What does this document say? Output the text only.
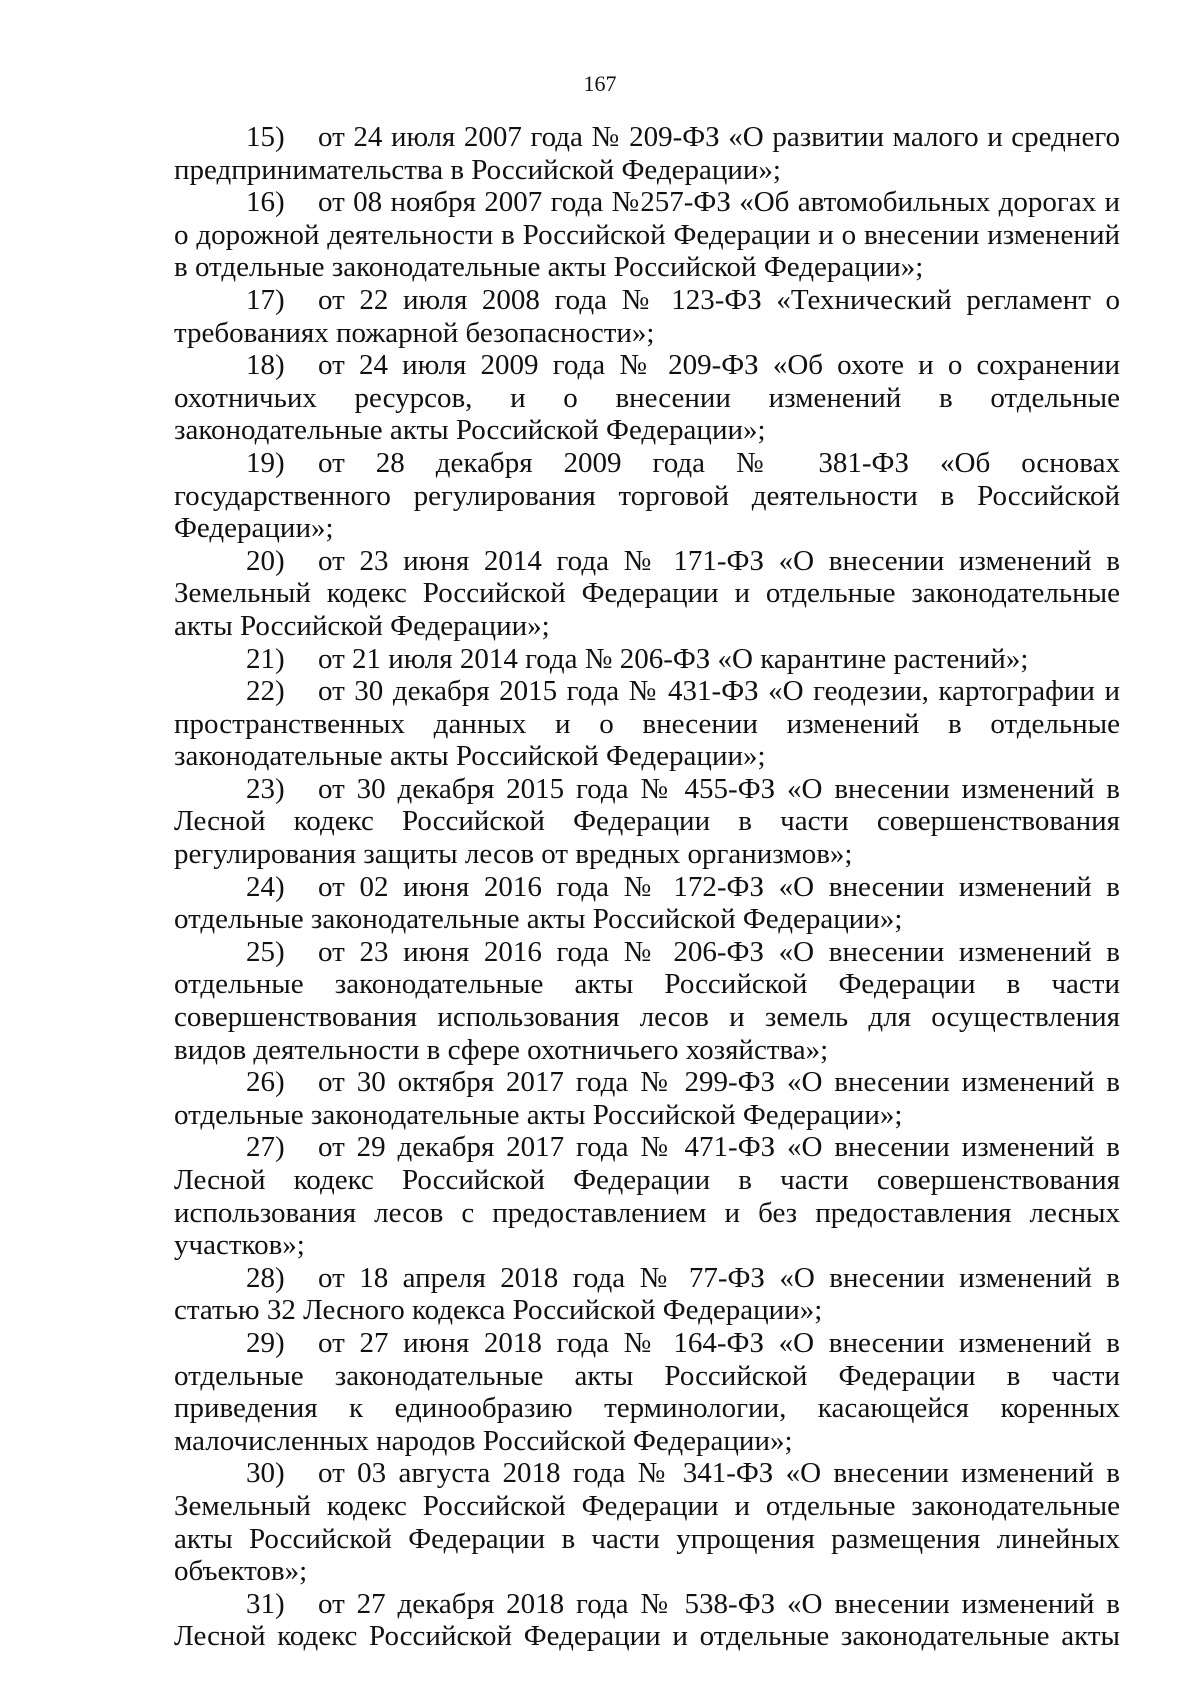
167

15) от 24 июля 2007 года № 209-ФЗ «О развитии малого и среднего предпринимательства в Российской Федерации»;

16) от 08 ноября 2007 года №257-ФЗ «Об автомобильных дорогах и о дорожной деятельности в Российской Федерации и о внесении изменений в отдельные законодательные акты Российской Федерации»;

17) от 22 июля 2008 года № 123-ФЗ «Технический регламент о требованиях пожарной безопасности»;

18) от 24 июля 2009 года № 209-ФЗ «Об охоте и о сохранении охотничьих ресурсов, и о внесении изменений в отдельные законодательные акты Российской Федерации»;

19) от 28 декабря 2009 года № 381-ФЗ «Об основах государственного регулирования торговой деятельности в Российской Федерации»;

20) от 23 июня 2014 года № 171-ФЗ «О внесении изменений в Земельный кодекс Российской Федерации и отдельные законодательные акты Российской Федерации»;

21) от 21 июля 2014 года № 206-ФЗ «О карантине растений»;

22) от 30 декабря 2015 года № 431-ФЗ «О геодезии, картографии и пространственных данных и о внесении изменений в отдельные законодательные акты Российской Федерации»;

23) от 30 декабря 2015 года № 455-ФЗ «О внесении изменений в Лесной кодекс Российской Федерации в части совершенствования регулирования защиты лесов от вредных организмов»;

24) от 02 июня 2016 года № 172-ФЗ «О внесении изменений в отдельные законодательные акты Российской Федерации»;

25) от 23 июня 2016 года № 206-ФЗ «О внесении изменений в отдельные законодательные акты Российской Федерации в части совершенствования использования лесов и земель для осуществления видов деятельности в сфере охотничьего хозяйства»;

26) от 30 октября 2017 года № 299-ФЗ «О внесении изменений в отдельные законодательные акты Российской Федерации»;

27) от 29 декабря 2017 года № 471-ФЗ «О внесении изменений в Лесной кодекс Российской Федерации в части совершенствования использования лесов с предоставлением и без предоставления лесных участков»;

28) от 18 апреля 2018 года № 77-ФЗ «О внесении изменений в статью 32 Лесного кодекса Российской Федерации»;

29) от 27 июня 2018 года № 164-ФЗ «О внесении изменений в отдельные законодательные акты Российской Федерации в части приведения к единообразию терминологии, касающейся коренных малочисленных народов Российской Федерации»;

30) от 03 августа 2018 года № 341-ФЗ «О внесении изменений в Земельный кодекс Российской Федерации и отдельные законодательные акты Российской Федерации в части упрощения размещения линейных объектов»;

31) от 27 декабря 2018 года № 538-ФЗ «О внесении изменений в Лесной кодекс Российской Федерации и отдельные законодательные акты
